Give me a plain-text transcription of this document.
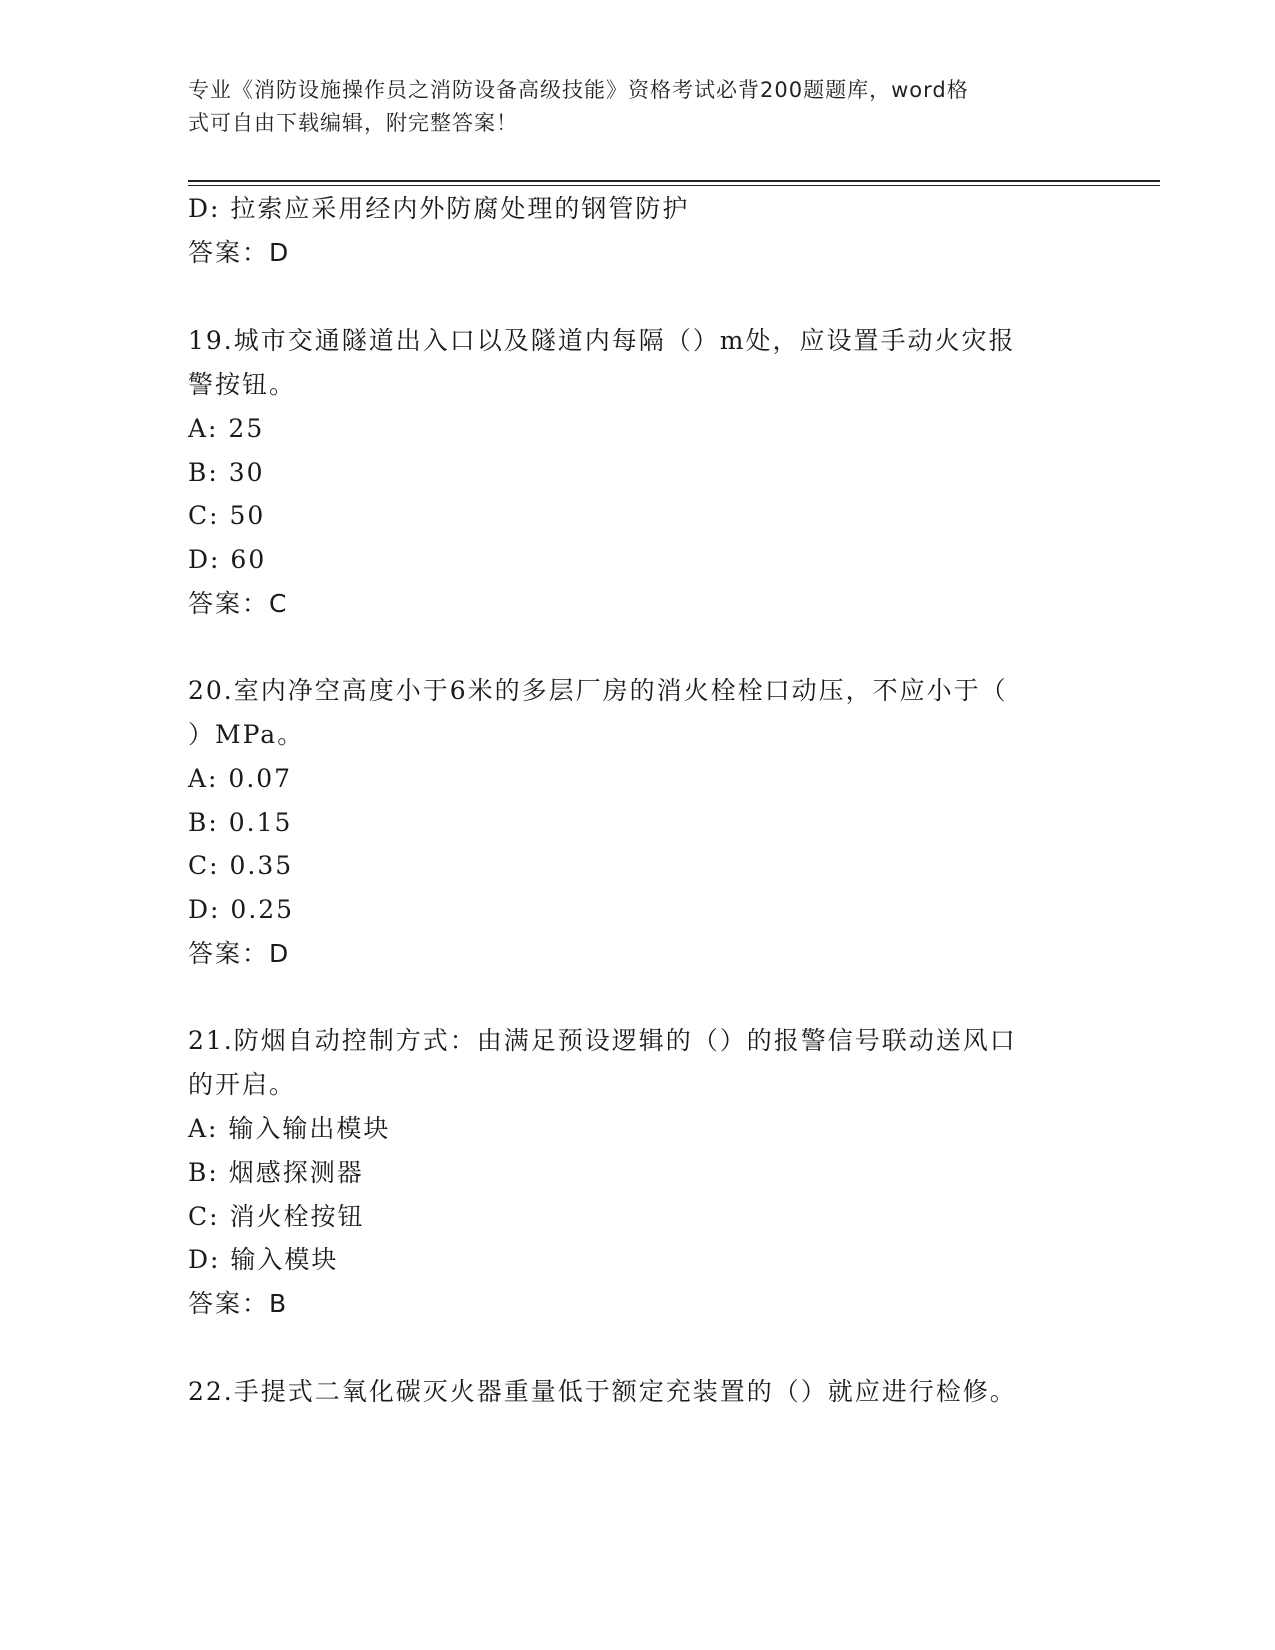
专业《消防设施操作员之消防设备高级技能》资格考试必背200题题库，word格
式可自由下载编辑，附完整答案！
D: 拉索应采用经内外防腐处理的钢管防护
答案：D
19.城市交通隧道出入口以及隧道内每隔（）m处，应设置手动火灾报
警按钮。
A: 25
B: 30
C: 50
D: 60
答案：C
20.室内净空高度小于6米的多层厂房的消火栓栓口动压，不应小于（
）MPa。
A: 0.07
B: 0.15
C: 0.35
D: 0.25
答案：D
21.防烟自动控制方式：由满足预设逻辑的（）的报警信号联动送风口
的开启。
A: 输入输出模块
B: 烟感探测器
C: 消火栓按钮
D: 输入模块
答案：B
22.手提式二氧化碳灭火器重量低于额定充装置的（）就应进行检修。
